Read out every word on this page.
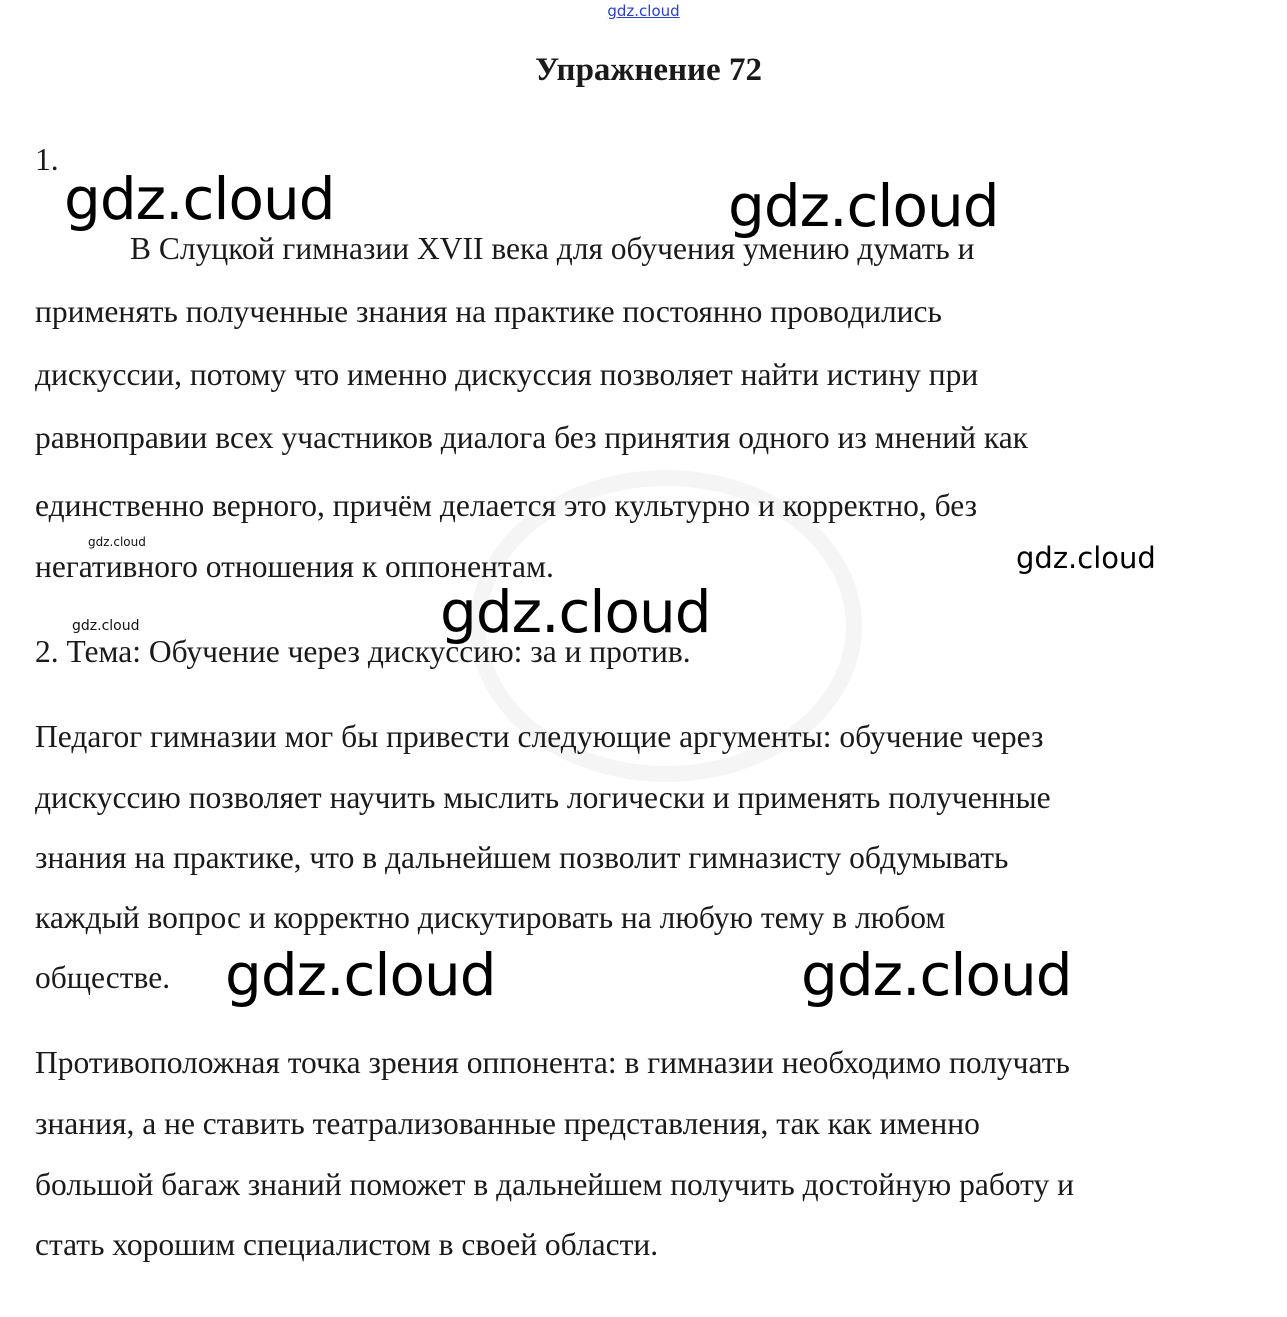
gdz.cloud
Упражнение 72
1.
В Слуцкой гимназии XVII века для обучения умению думать и
применять полученные знания на практике постоянно проводились
дискуссии, потому что именно дискуссия позволяет найти истину при
равноправии всех участников диалога без принятия одного из мнений как
единственно верного, причём делается это культурно и корректно, без
негативного отношения к оппонентам.
2. Тема: Обучение через дискуссию: за и против.
Педагог гимназии мог бы привести следующие аргументы: обучение через
дискуссию позволяет научить мыслить логически и применять полученные
знания на практике, что в дальнейшем позволит гимназисту обдумывать
каждый вопрос и корректно дискутировать на любую тему в любом
обществе.
Противоположная точка зрения оппонента: в гимназии необходимо получать
знания, а не ставить театрализованные представления, так как именно
большой багаж знаний поможет в дальнейшем получить достойную работу и
стать хорошим специалистом в своей области.
gdz.cloud	gdz.cloud
gdz.cloud
gdz.cloud	gdz.cloud
gdz.cloud
gdz.cloud
gdz.cloud
